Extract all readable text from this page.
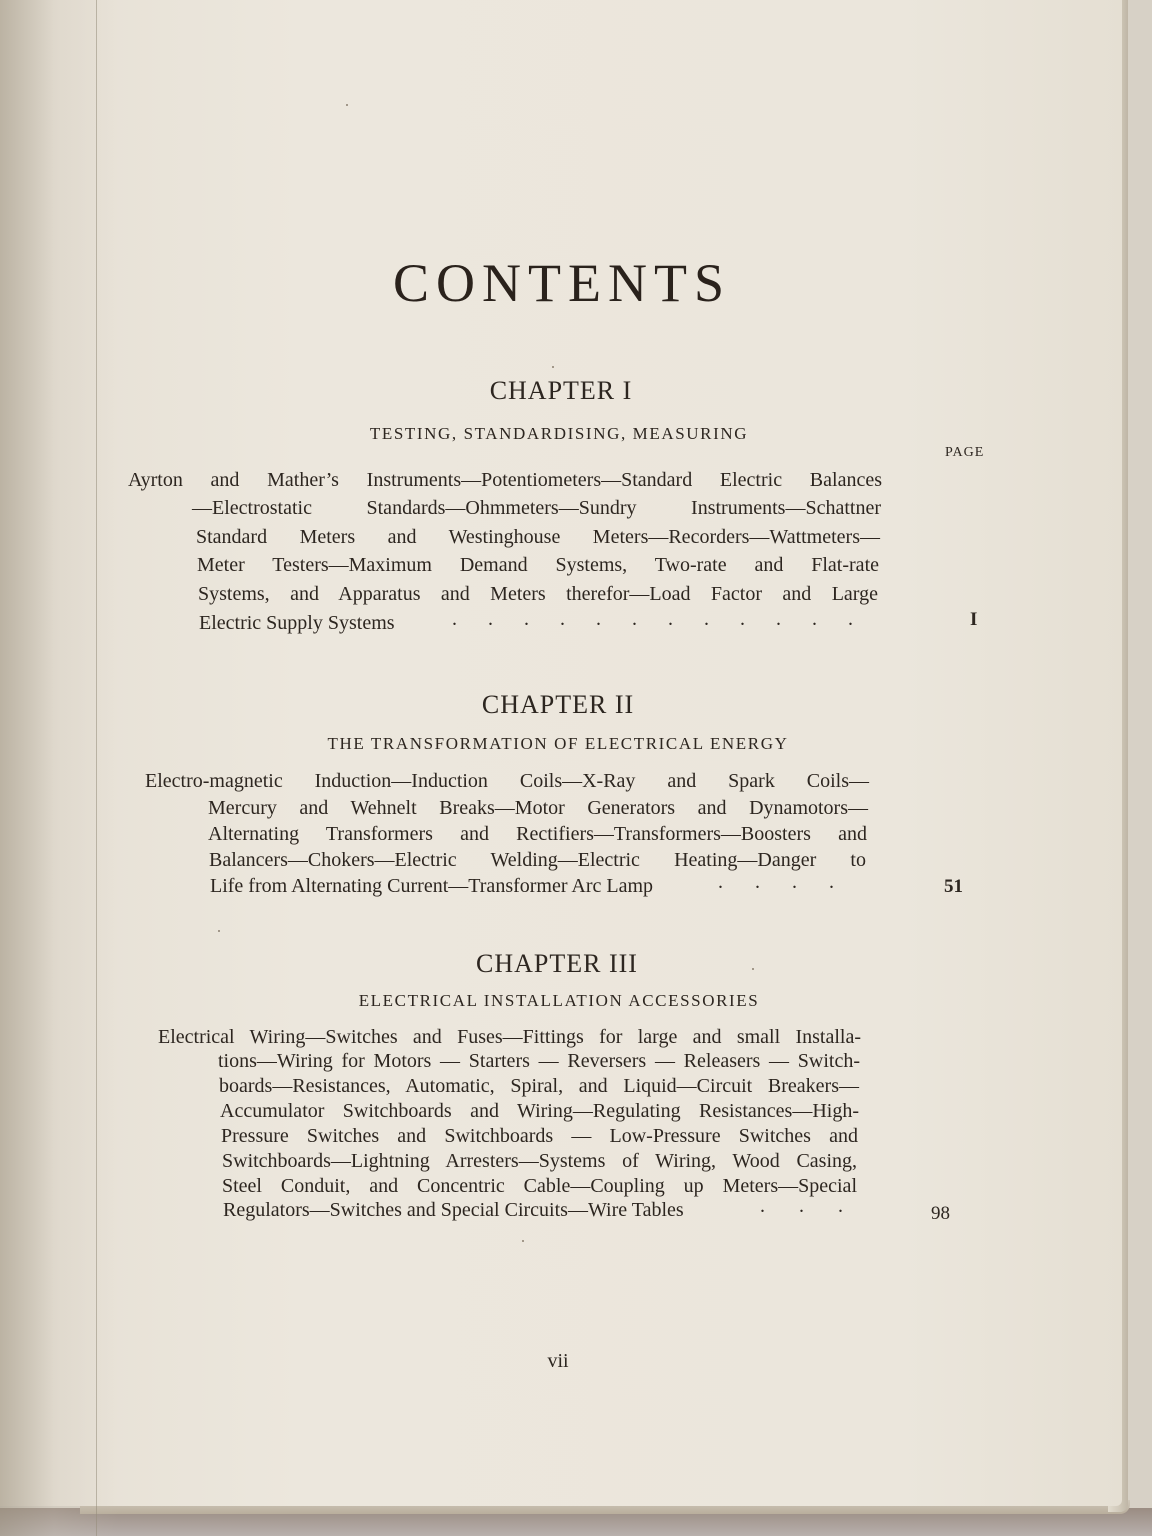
CONTENTS
CHAPTER I
TESTING, STANDARDISING, MEASURING
PAGE
Ayrton and Mather’s Instruments—Potentiometers—Standard Electric Balances
—Electrostatic Standards—Ohmmeters—Sundry Instruments—Schattner
Standard Meters and Westinghouse Meters—Recorders—Wattmeters—
Meter Testers—Maximum Demand Systems, Two-rate and Flat-rate
Systems, and Apparatus and Meters therefor—Load Factor and Large
Electric Supply Systems	............	I
CHAPTER II
THE TRANSFORMATION OF ELECTRICAL ENERGY
Electro-magnetic Induction—Induction Coils—X-Ray and Spark Coils—
Mercury and Wehnelt Breaks—Motor Generators and Dynamotors—
Alternating Transformers and Rectifiers—Transformers—Boosters and
Balancers—Chokers—Electric Welding—Electric Heating—Danger to
Life from Alternating Current—Transformer Arc Lamp	....	51
CHAPTER III
ELECTRICAL INSTALLATION ACCESSORIES
Electrical Wiring—Switches and Fuses—Fittings for large and small Installa-
tions—Wiring for Motors — Starters — Reversers — Releasers — Switch-
boards—Resistances, Automatic, Spiral, and Liquid—Circuit Breakers—
Accumulator Switchboards and Wiring—Regulating Resistances—High-
Pressure Switches and Switchboards — Low-Pressure Switches and
Switchboards—Lightning Arresters—Systems of Wiring, Wood Casing,
Steel Conduit, and Concentric Cable—Coupling up Meters—Special
Regulators—Switches and Special Circuits—Wire Tables	...	98
vii
